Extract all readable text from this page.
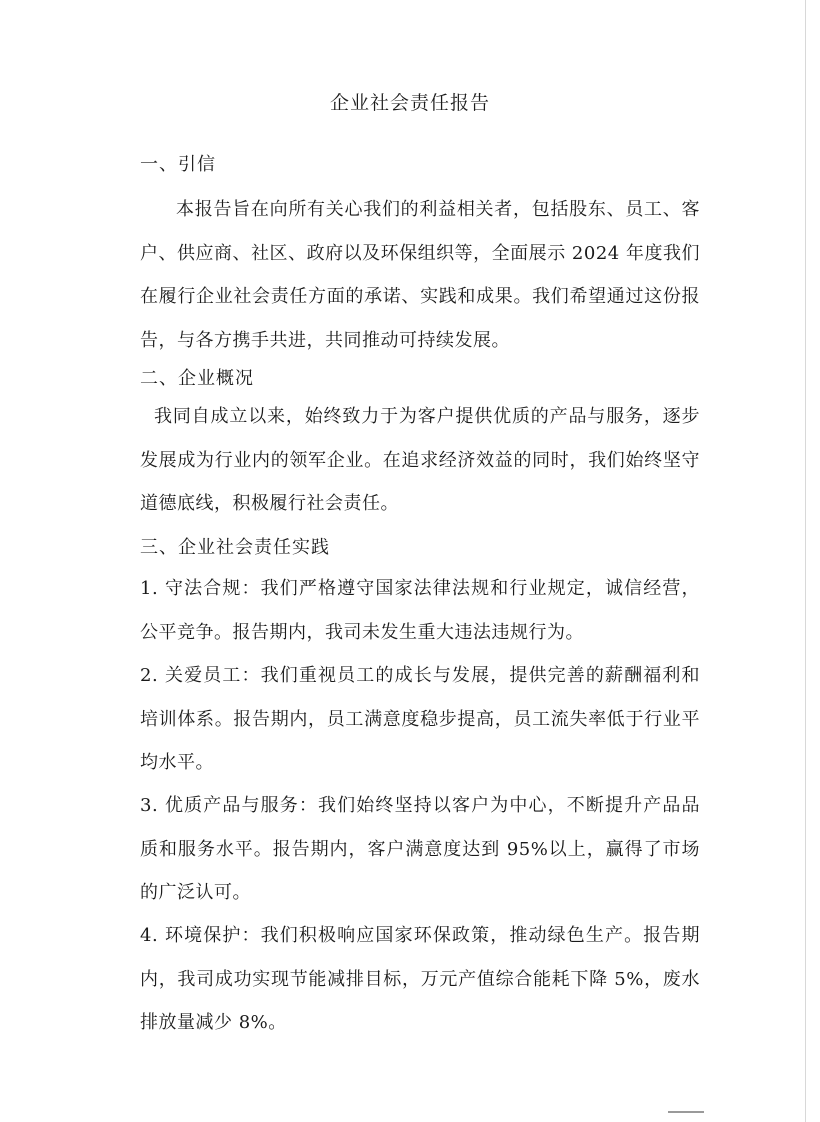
企业社会责任报告
一、引信
本报告旨在向所有关心我们的利益相关者，包括股东、员工、客户、供应商、社区、政府以及环保组织等，全面展示 2024 年度我们在履行企业社会责任方面的承诺、实践和成果。我们希望通过这份报告，与各方携手共进，共同推动可持续发展。
二、企业概况
我同自成立以来，始终致力于为客户提供优质的产品与服务，逐步发展成为行业内的领军企业。在追求经济效益的同时，我们始终坚守道德底线，积极履行社会责任。
三、企业社会责任实践
1. 守法合规：我们严格遵守国家法律法规和行业规定，诚信经营，公平竞争。报告期内，我司未发生重大违法违规行为。
2. 关爱员工：我们重视员工的成长与发展，提供完善的薪酬福利和培训体系。报告期内，员工满意度稳步提高，员工流失率低于行业平均水平。
3. 优质产品与服务：我们始终坚持以客户为中心，不断提升产品品质和服务水平。报告期内，客户满意度达到 95%以上，赢得了市场的广泛认可。
4. 环境保护：我们积极响应国家环保政策，推动绿色生产。报告期内，我司成功实现节能减排目标，万元产值综合能耗下降 5%，废水排放量减少 8%。
